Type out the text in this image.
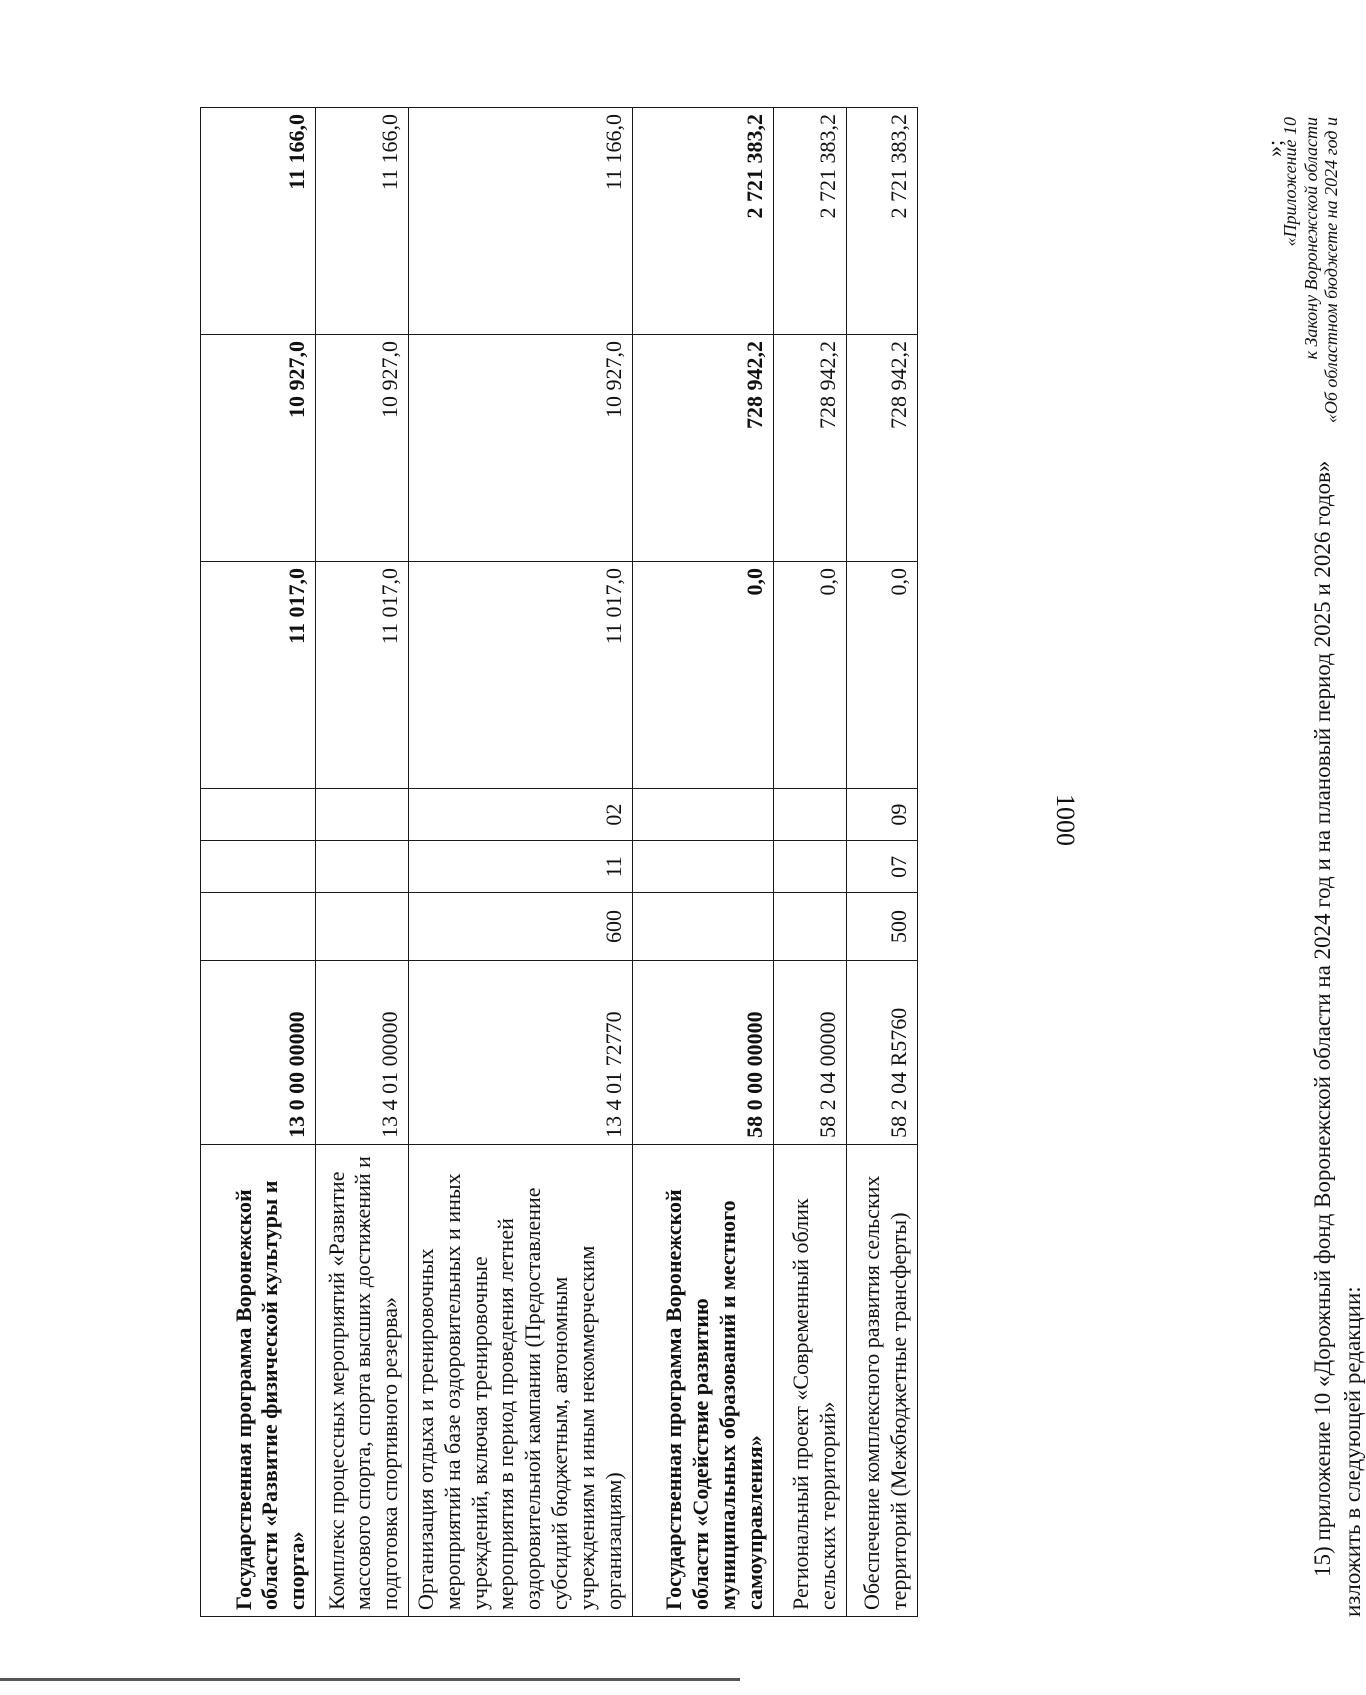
1000
Государственная программа Воронежской области «Развитие физической культуры и спорта»	13 0 00 00000				11 017,0	10 927,0	11 166,0
Комплекс процессных мероприятий «Развитие массового спорта, спорта высших достижений и подготовка спортивного резерва»	13 4 01 00000				11 017,0	10 927,0	11 166,0
Организация отдыха и тренировочных мероприятий на базе оздоровительных и иных учреждений, включая тренировочные мероприятия в период проведения летней оздоровительной кампании (Предоставление субсидий бюджетным, автономным учреждениям и иным некоммерческим организациям)	13 4 01 72770	600	11	02	11 017,0	10 927,0	11 166,0
Государственная программа Воронежской области «Содействие развитию муниципальных образований и местного самоуправления»	58 0 00 00000				0,0	728 942,2	2 721 383,2
Региональный проект «Современный облик сельских территорий»	58 2 04 00000				0,0	728 942,2	2 721 383,2
Обеспечение комплексного развития сельских территорий (Межбюджетные трансферты)	58 2 04 R5760	500	07	09	0,0	728 942,2	2 721 383,2	»;
15) приложение 10 «Дорожный фонд Воронежской области на 2024 год и на плановый период 2025 и 2026 годов» изложить в следующей редакции:
«Приложение 10 к Закону Воронежской области «Об областном бюджете на 2024 год и
